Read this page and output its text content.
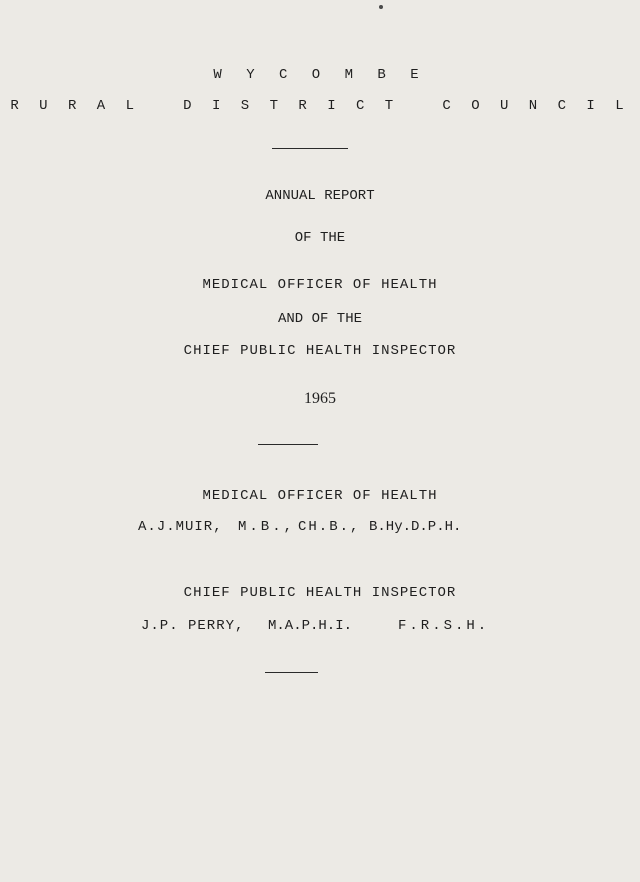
W Y C O M B E
R U R A L   D I S T R I C T   C O U N C I L
ANNUAL REPORT
OF THE
MEDICAL OFFICER OF HEALTH
AND OF THE
CHIEF PUBLIC HEALTH INSPECTOR
1965
MEDICAL OFFICER OF HEALTH

A.J.MUIR,

M.B.,

CH.B.,

B.Hy.D.P.H.

CHIEF PUBLIC HEALTH INSPECTOR

J.P. PERRY,

M.A.P.H.I.

	F.R.S.H.
